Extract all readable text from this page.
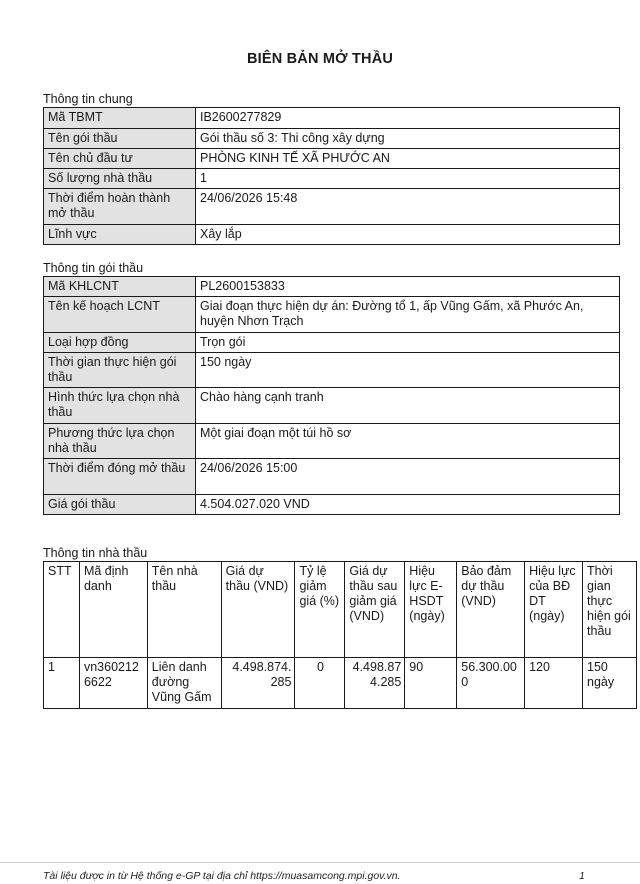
BIÊN BẢN MỞ THẦU
Thông tin chung
Mã TBMT	IB2600277829
Tên gói thầu	Gói thầu số 3: Thi công xây dựng
Tên chủ đầu tư	PHÒNG KINH TẾ XÃ PHƯỚC AN
Số lượng nhà thầu	1
Thời điểm hoàn thành mở thầu	24/06/2026 15:48
Lĩnh vực	Xây lắp
Thông tin gói thầu
Mã KHLCNT	PL2600153833
Tên kế hoạch LCNT	Giai đoạn thực hiện dự án: Đường tổ 1, ấp Vũng Gấm, xã Phước An, huyện Nhơn Trạch
Loại hợp đồng	Trọn gói
Thời gian thực hiện gói thầu	150 ngày
Hình thức lựa chọn nhà thầu	Chào hàng cạnh tranh
Phương thức lựa chọn nhà thầu	Một giai đoạn một túi hồ sơ
Thời điểm đóng mở thầu	24/06/2026 15:00
Giá gói thầu	4.504.027.020 VND
Thông tin nhà thầu
STT	Mã định danh	Tên nhà thầu	Giá dự thầu (VND)	Tỷ lệ giảm giá (%)	Giá dự thầu sau giảm giá (VND)	Hiệu lực E-HSDT (ngày)	Bảo đảm dự thầu (VND)	Hiệu lực của BĐ DT (ngày)	Thời gian thực hiện gói thầu
1	vn3602126622	Liên danh đường Vũng Gấm	4.498.874.285	0	4.498.874.285	90	56.300.000	120	150 ngày
Tài liệu được in từ Hệ thống e-GP tại địa chỉ https://muasamcong.mpi.gov.vn.	1
